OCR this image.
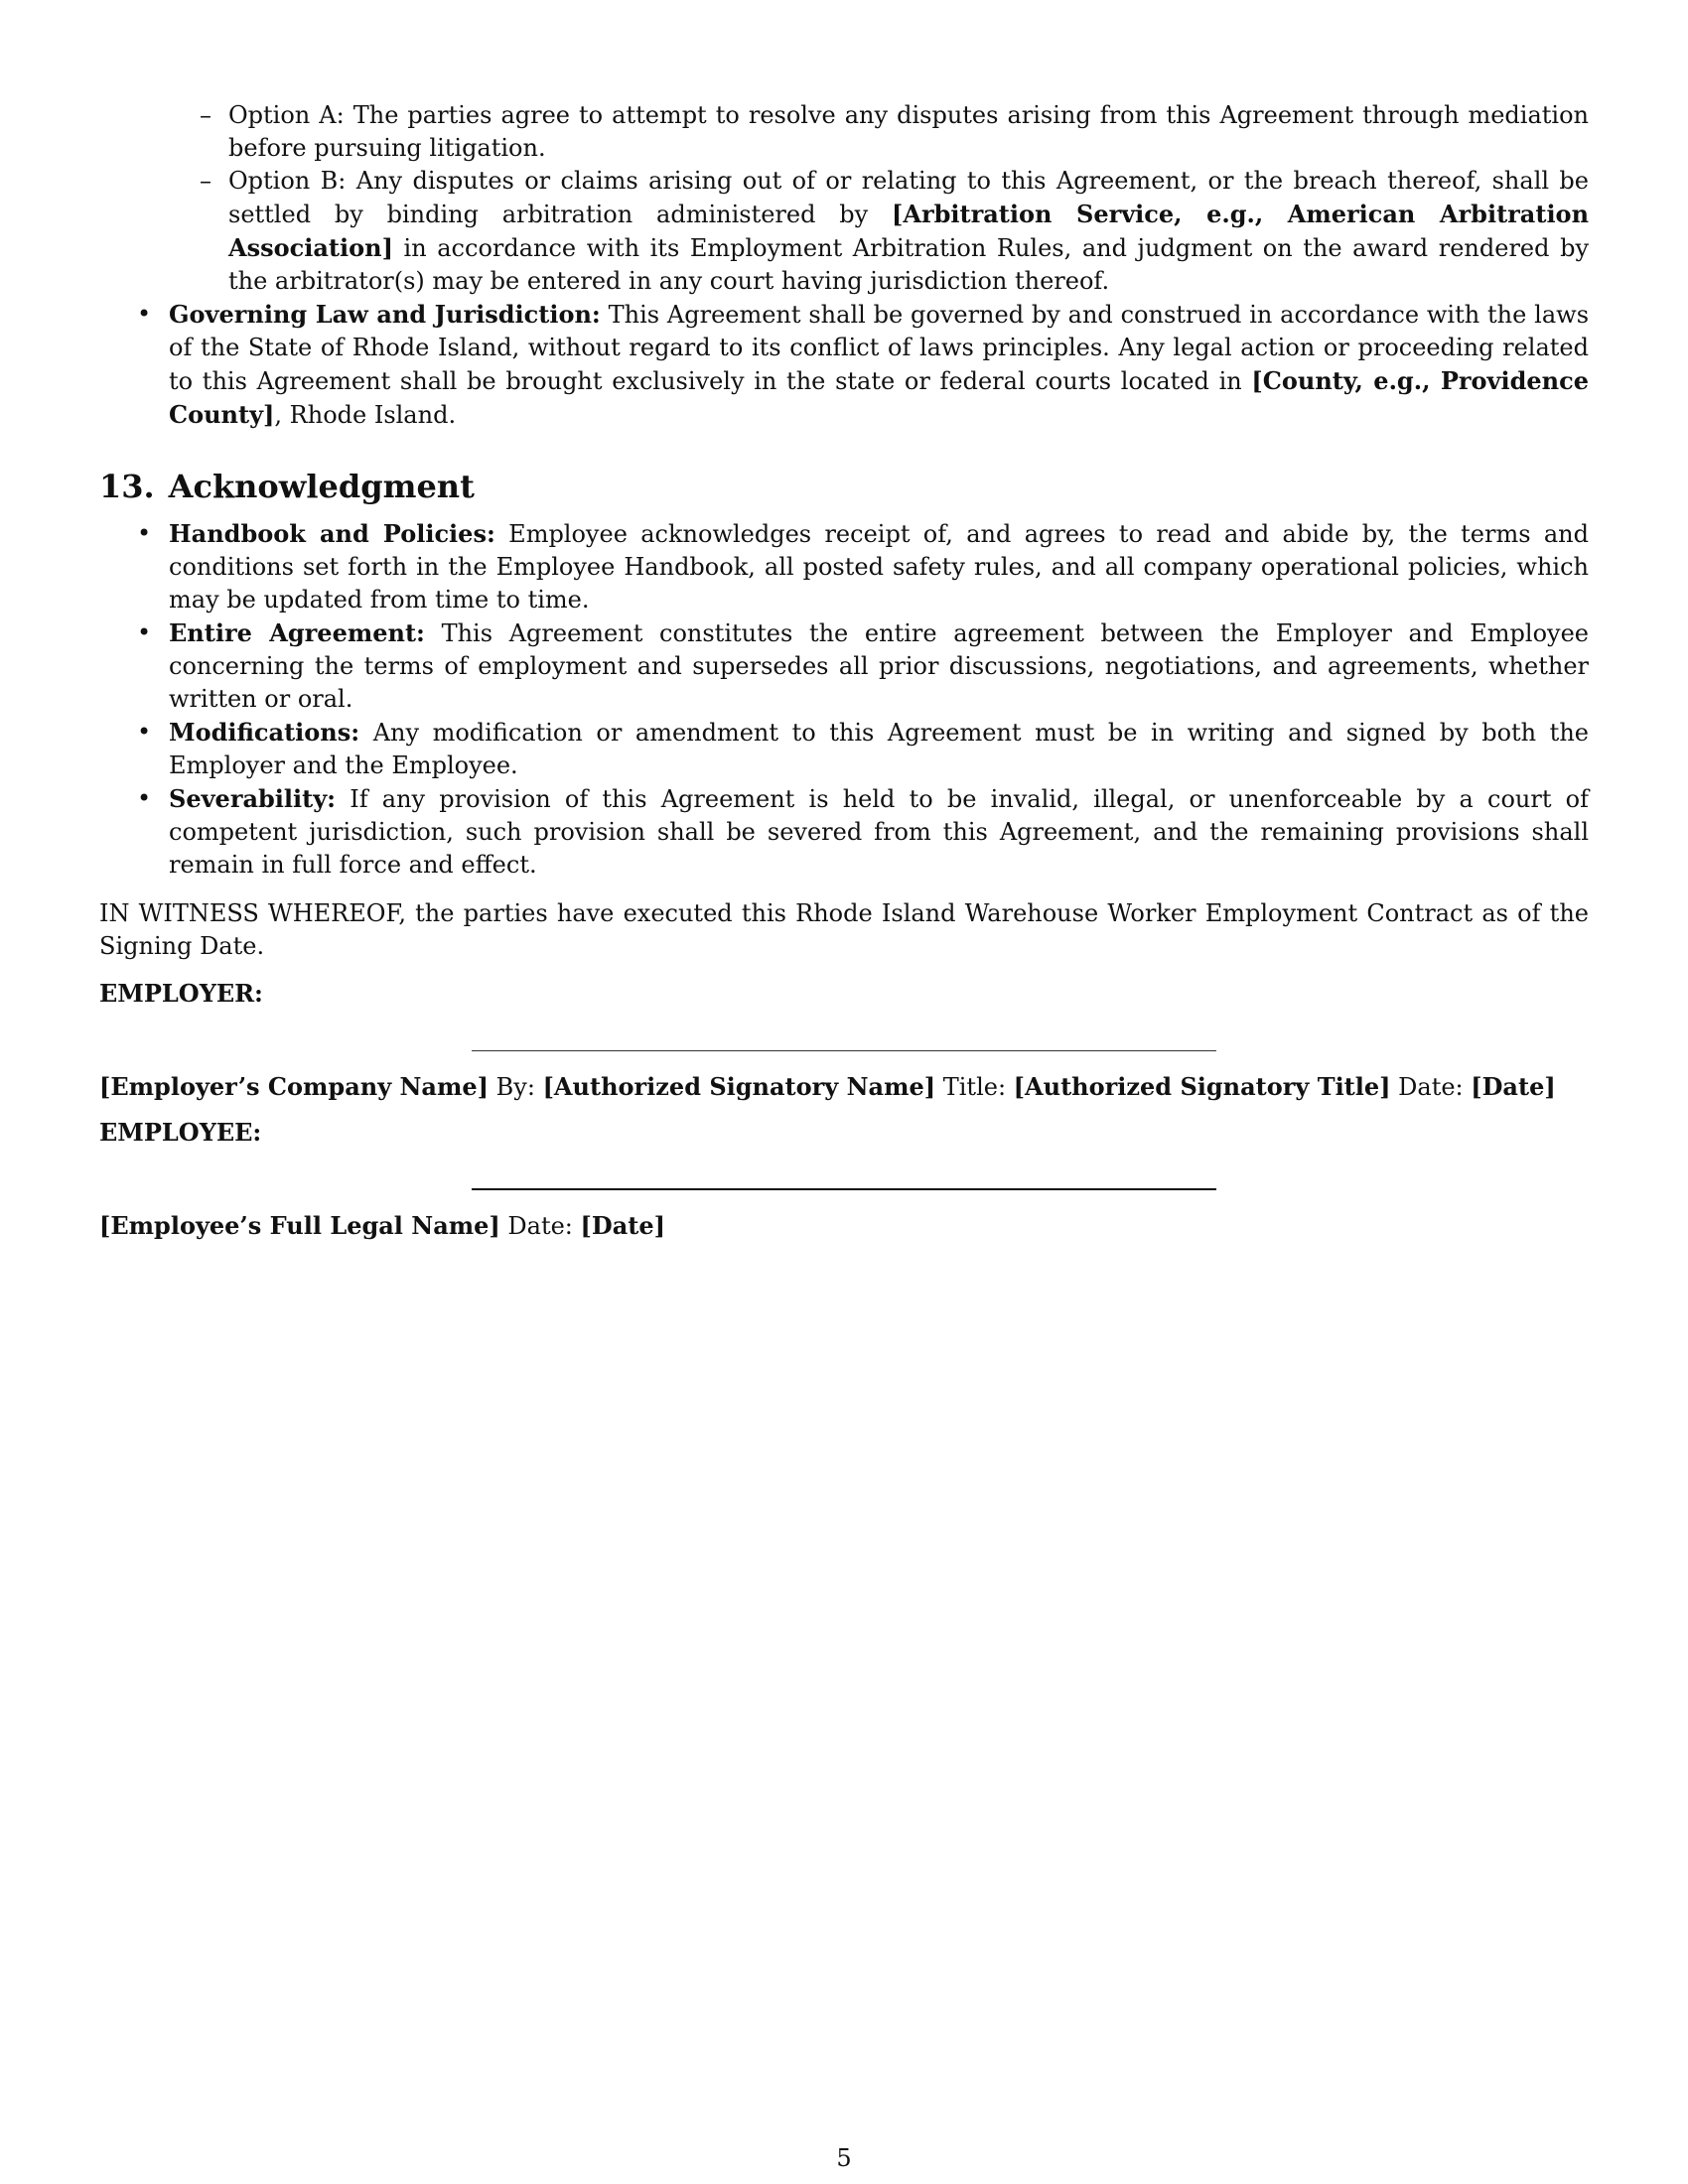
– Option A: The parties agree to attempt to resolve any disputes arising from this Agreement through mediation before pursuing litigation.
– Option B: Any disputes or claims arising out of or relating to this Agreement, or the breach thereof, shall be settled by binding arbitration administered by [Arbitration Service, e.g., American Arbitration Association] in accordance with its Employment Arbitration Rules, and judgment on the award rendered by the arbitrator(s) may be entered in any court having jurisdiction thereof.
• Governing Law and Jurisdiction: This Agreement shall be governed by and construed in accordance with the laws of the State of Rhode Island, without regard to its conflict of laws principles. Any legal action or proceeding related to this Agreement shall be brought exclusively in the state or federal courts located in [County, e.g., Providence County], Rhode Island.
13. Acknowledgment
• Handbook and Policies: Employee acknowledges receipt of, and agrees to read and abide by, the terms and conditions set forth in the Employee Handbook, all posted safety rules, and all company operational policies, which may be updated from time to time.
• Entire Agreement: This Agreement constitutes the entire agreement between the Employer and Employee concerning the terms of employment and supersedes all prior discussions, negotiations, and agreements, whether written or oral.
• Modifications: Any modification or amendment to this Agreement must be in writing and signed by both the Employer and the Employee.
• Severability: If any provision of this Agreement is held to be invalid, illegal, or unenforceable by a court of competent jurisdiction, such provision shall be severed from this Agreement, and the remaining provisions shall remain in full force and effect.

IN WITNESS WHEREOF, the parties have executed this Rhode Island Warehouse Worker Employment Contract as of the Signing Date.

EMPLOYER:
[Employer’s Company Name] By: [Authorized Signatory Name] Title: [Authorized Signatory Title] Date: [Date]
EMPLOYEE:
[Employee’s Full Legal Name] Date: [Date]
5
